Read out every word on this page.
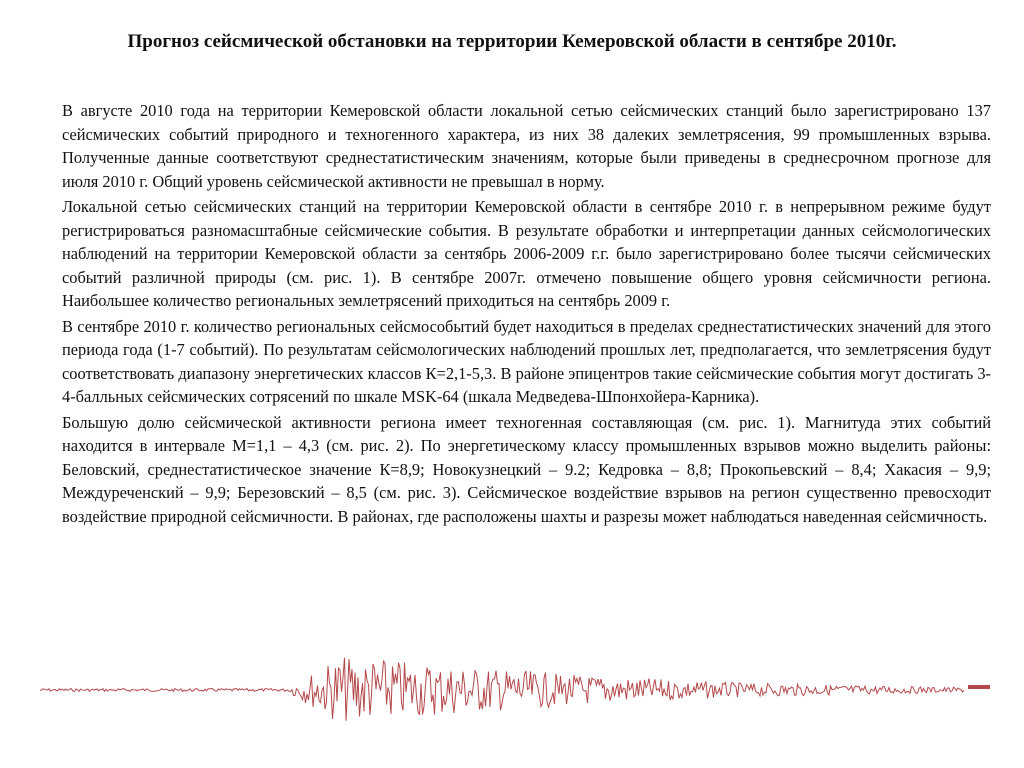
Прогноз сейсмической обстановки на территории Кемеровской области в сентябре 2010г.

В августе 2010 года на территории Кемеровской области локальной сетью сейсмических станций было зарегистрировано 137 сейсмических событий природного и техногенного характера, из них 38 далеких землетрясения, 99 промышленных взрыва. Полученные данные соответствуют среднестатистическим значениям, которые были приведены в среднесрочном прогнозе для июля 2010 г. Общий уровень сейсмической активности не превышал в норму.

Локальной сетью сейсмических станций на территории Кемеровской области в сентябре 2010 г. в непрерывном режиме будут регистрироваться разномасштабные сейсмические события. В результате обработки и интерпретации данных сейсмологических наблюдений на территории Кемеровской области за сентябрь 2006-2009 г.г. было зарегистрировано более тысячи сейсмических событий различной природы (см. рис. 1). В сентябре 2007г. отмечено повышение общего уровня сейсмичности региона. Наибольшее количество региональных землетрясений приходиться на сентябрь 2009 г.

В сентябре 2010 г. количество региональных сейсмособытий будет находиться в пределах среднестатистических значений для этого периода года (1-7 событий). По результатам сейсмологических наблюдений прошлых лет, предполагается, что землетрясения будут соответствовать диапазону энергетических классов К=2,1-5,3. В районе эпицентров такие сейсмические события могут достигать 3-4-балльных сейсмических сотрясений по шкале MSK-64 (шкала Медведева-Шпонхойера-Карника).

Большую долю сейсмической активности региона имеет техногенная составляющая (см. рис. 1). Магнитуда этих событий находится в интервале М=1,1 – 4,3 (см. рис. 2). По энергетическому классу промышленных взрывов можно выделить районы: Беловский, среднестатистическое значение К=8,9; Новокузнецкий – 9.2; Кедровка – 8,8; Прокопьевский – 8,4; Хакасия – 9,9; Междуреченский – 9,9; Березовский – 8,5 (см. рис. 3). Сейсмическое воздействие взрывов на регион существенно превосходит воздействие природной сейсмичности. В районах, где расположены шахты и разрезы может наблюдаться наведенная сейсмичность.
